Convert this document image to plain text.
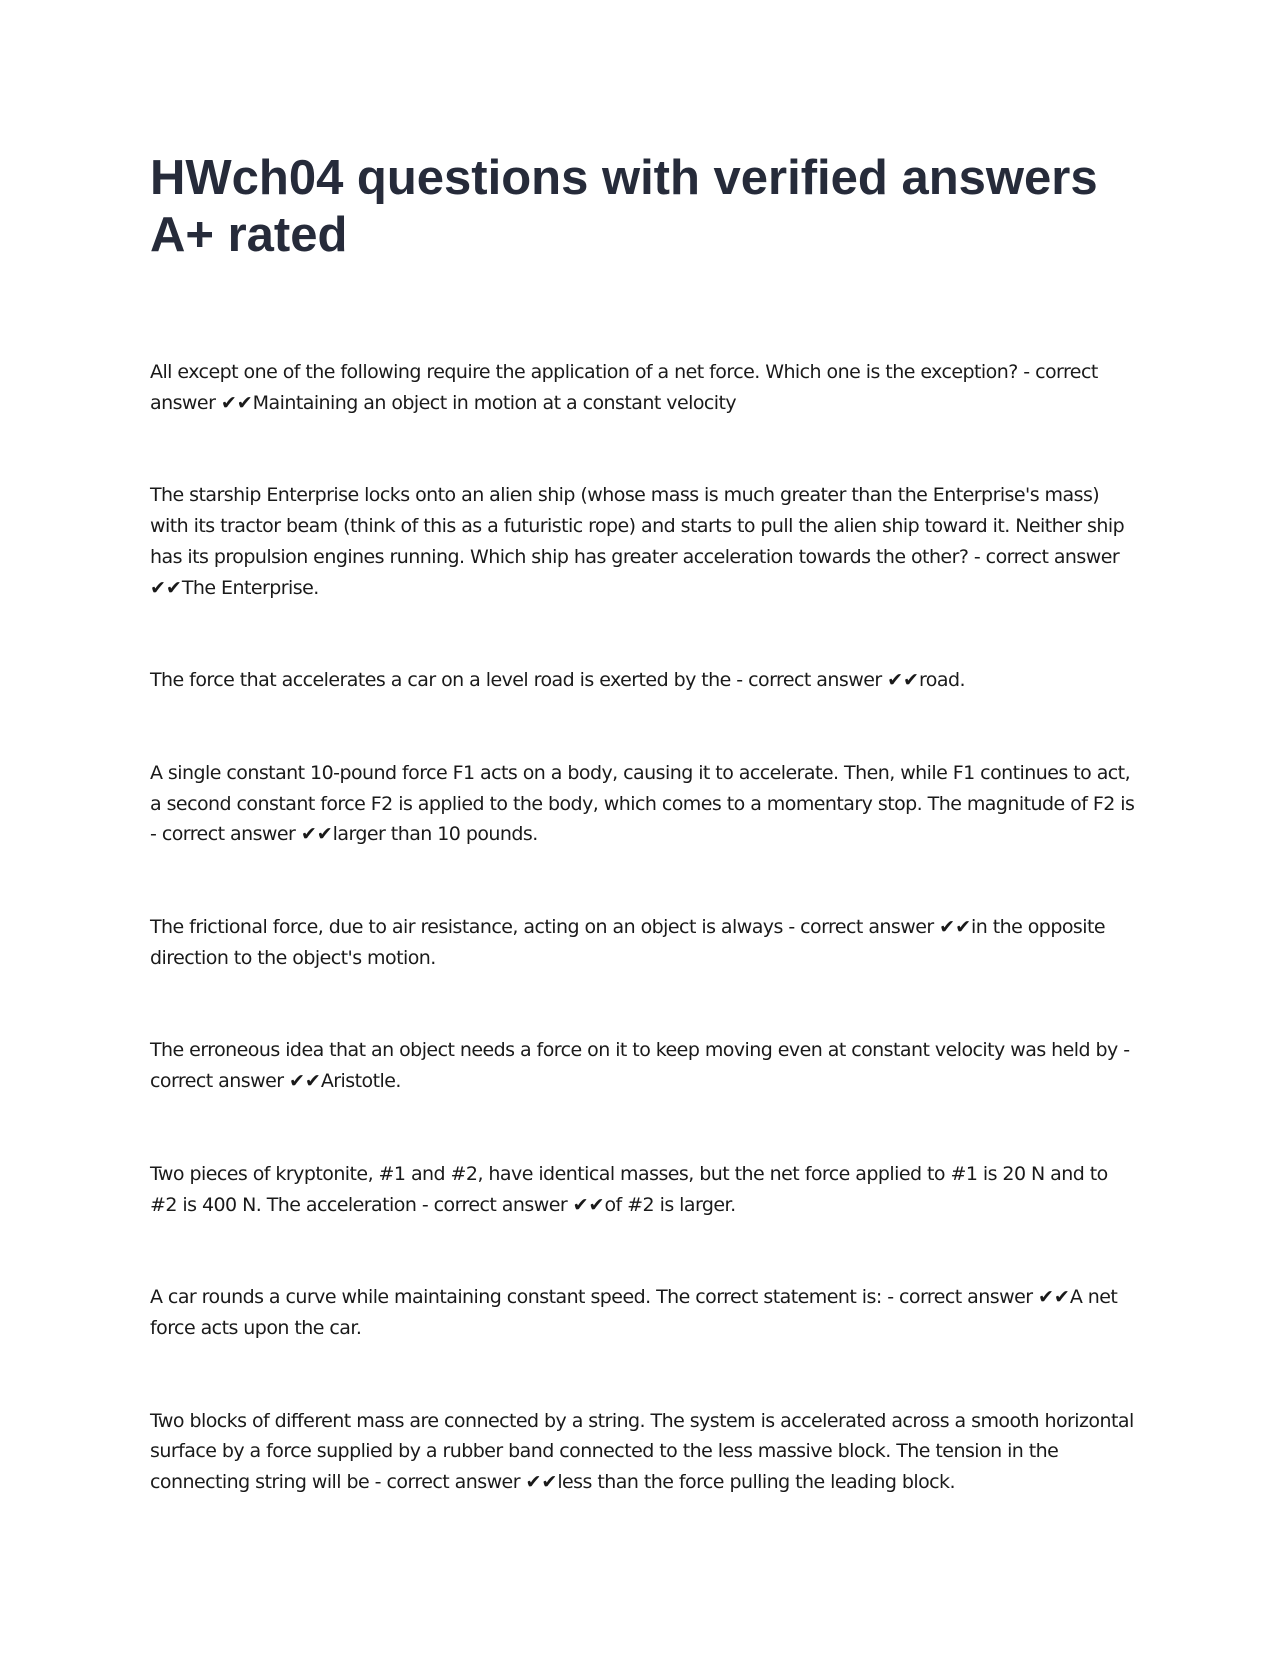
HWch04 questions with verified answers A+ rated
All except one of the following require the application of a net force. Which one is the exception? - correct answer ✔✔Maintaining an object in motion at a constant velocity
The starship Enterprise locks onto an alien ship (whose mass is much greater than the Enterprise's mass) with its tractor beam (think of this as a futuristic rope) and starts to pull the alien ship toward it. Neither ship has its propulsion engines running. Which ship has greater acceleration towards the other? - correct answer ✔✔The Enterprise.
The force that accelerates a car on a level road is exerted by the - correct answer ✔✔road.
A single constant 10-pound force F1 acts on a body, causing it to accelerate. Then, while F1 continues to act, a second constant force F2 is applied to the body, which comes to a momentary stop. The magnitude of F2 is - correct answer ✔✔larger than 10 pounds.
The frictional force, due to air resistance, acting on an object is always - correct answer ✔✔in the opposite direction to the object's motion.
The erroneous idea that an object needs a force on it to keep moving even at constant velocity was held by - correct answer ✔✔Aristotle.
Two pieces of kryptonite, #1 and #2, have identical masses, but the net force applied to #1 is 20 N and to #2 is 400 N. The acceleration - correct answer ✔✔of #2 is larger.
A car rounds a curve while maintaining constant speed. The correct statement is: - correct answer ✔✔A net force acts upon the car.
Two blocks of different mass are connected by a string. The system is accelerated across a smooth horizontal surface by a force supplied by a rubber band connected to the less massive block. The tension in the connecting string will be - correct answer ✔✔less than the force pulling the leading block.
